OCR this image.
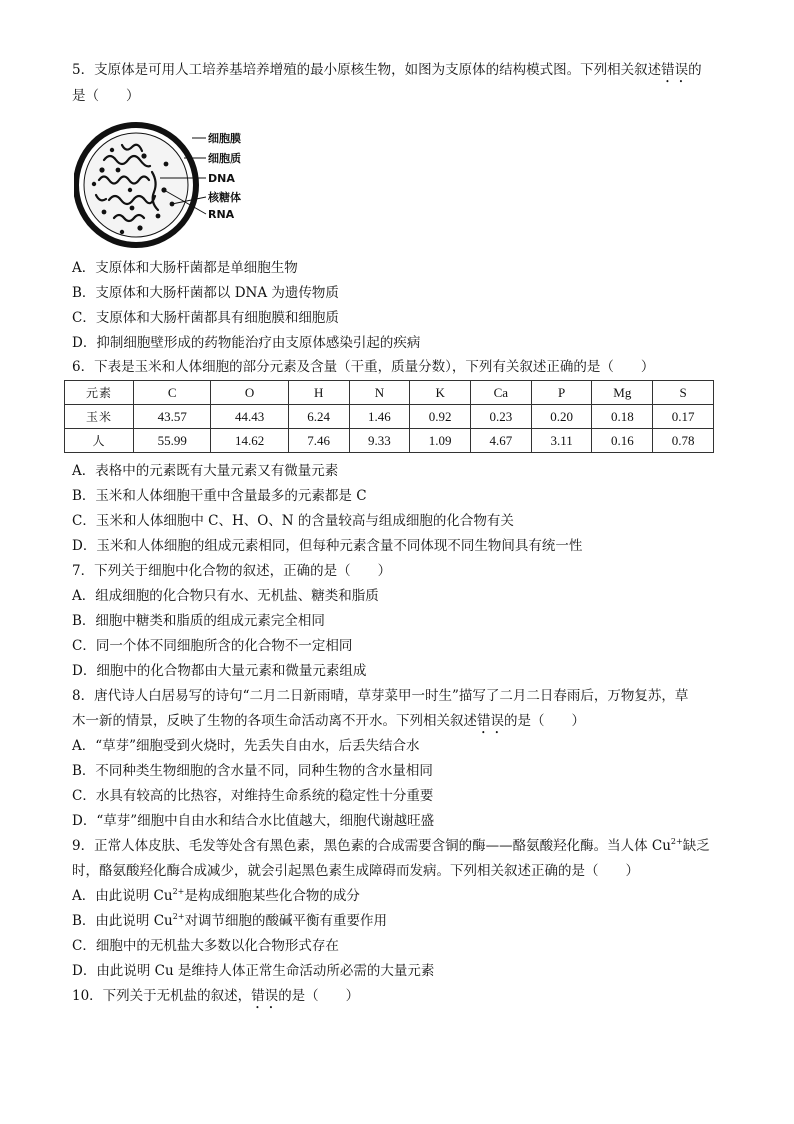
5．支原体是可用人工培养基培养增殖的最小原核生物，如图为支原体的结构模式图。下列相关叙述错误的
是（　　）
细胞膜
细胞质
DNA
核糖体
RNA
A．支原体和大肠杆菌都是单细胞生物
B．支原体和大肠杆菌都以 DNA 为遗传物质
C．支原体和大肠杆菌都具有细胞膜和细胞质
D．抑制细胞壁形成的药物能治疗由支原体感染引起的疾病
6．下表是玉米和人体细胞的部分元素及含量（干重，质量分数），下列有关叙述正确的是（　　）
元素	C	O	H	N	K	Ca	P	Mg	S
玉米	43.57	44.43	6.24	1.46	0.92	0.23	0.20	0.18	0.17
人	55.99	14.62	7.46	9.33	1.09	4.67	3.11	0.16	0.78
A．表格中的元素既有大量元素又有微量元素
B．玉米和人体细胞干重中含量最多的元素都是 C
C．玉米和人体细胞中 C、H、O、N 的含量较高与组成细胞的化合物有关
D．玉米和人体细胞的组成元素相同，但每种元素含量不同体现不同生物间具有统一性
7．下列关于细胞中化合物的叙述，正确的是（　　）
A．组成细胞的化合物只有水、无机盐、糖类和脂质
B．细胞中糖类和脂质的组成元素完全相同
C．同一个体不同细胞所含的化合物不一定相同
D．细胞中的化合物都由大量元素和微量元素组成
8．唐代诗人白居易写的诗句“二月二日新雨晴，草芽菜甲一时生”描写了二月二日春雨后，万物复苏，草
木一新的情景，反映了生物的各项生命活动离不开水。下列相关叙述错误的是（　　）
A．“草芽”细胞受到火烧时，先丢失自由水，后丢失结合水
B．不同种类生物细胞的含水量不同，同种生物的含水量相同
C．水具有较高的比热容，对维持生命系统的稳定性十分重要
D．“草芽”细胞中自由水和结合水比值越大，细胞代谢越旺盛
9．正常人体皮肤、毛发等处含有黑色素，黑色素的合成需要含铜的酶——酪氨酸羟化酶。当人体 $Cu^{2+}$缺乏
时，酪氨酸羟化酶合成减少，就会引起黑色素生成障碍而发病。下列相关叙述正确的是（　　）
A．由此说明 $Cu^{2+}$是构成细胞某些化合物的成分
B．由此说明 $Cu^{2+}$对调节细胞的酸碱平衡有重要作用
C．细胞中的无机盐大多数以化合物形式存在
D．由此说明 Cu 是维持人体正常生命活动所必需的大量元素
10．下列关于无机盐的叙述，错误的是（　　）
